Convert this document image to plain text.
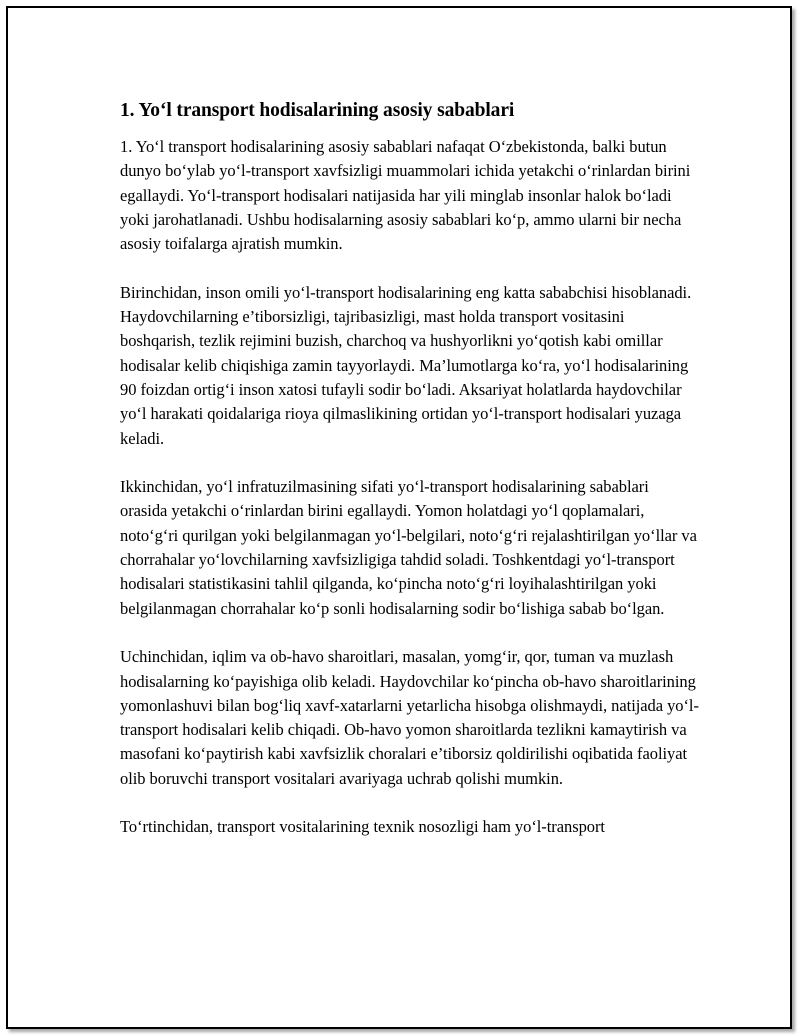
1. Yo‘l transport hodisalarining asosiy sabablari

1. Yo‘l transport hodisalarining asosiy sabablari nafaqat O‘zbekistonda, balki butun dunyo bo‘ylab yo‘l-transport xavfsizligi muammolari ichida yetakchi o‘rinlardan birini egallaydi. Yo‘l-transport hodisalari natijasida har yili minglab insonlar halok bo‘ladi yoki jarohatlanadi. Ushbu hodisalarning asosiy sabablari ko‘p, ammo ularni bir necha asosiy toifalarga ajratish mumkin.

Birinchidan, inson omili yo‘l-transport hodisalarining eng katta sababchisi hisoblanadi. Haydovchilarning e’tiborsizligi, tajribasizligi, mast holda transport vositasini boshqarish, tezlik rejimini buzish, charchoq va hushyorlikni yo‘qotish kabi omillar hodisalar kelib chiqishiga zamin tayyorlaydi. Ma’lumotlarga ko‘ra, yo‘l hodisalarining 90 foizdan ortig‘i inson xatosi tufayli sodir bo‘ladi. Aksariyat holatlarda haydovchilar yo‘l harakati qoidalariga rioya qilmaslikining ortidan yo‘l-transport hodisalari yuzaga keladi.

Ikkinchidan, yo‘l infratuzilmasining sifati yo‘l-transport hodisalarining sabablari orasida yetakchi o‘rinlardan birini egallaydi. Yomon holatdagi yo‘l qoplamalari, noto‘g‘ri qurilgan yoki belgilanmagan yo‘l-belgilari, noto‘g‘ri rejalashtirilgan yo‘llar va chorrahalar yo‘lovchilarning xavfsizligiga tahdid soladi. Toshkentdagi yo‘l-transport hodisalari statistikasini tahlil qilganda, ko‘pincha noto‘g‘ri loyihalashtirilgan yoki belgilanmagan chorrahalar ko‘p sonli hodisalarning sodir bo‘lishiga sabab bo‘lgan.

Uchinchidan, iqlim va ob-havo sharoitlari, masalan, yomg‘ir, qor, tuman va muzlash hodisalarning ko‘payishiga olib keladi. Haydovchilar ko‘pincha ob-havo sharoitlarining yomonlashuvi bilan bog‘liq xavf-xatarlarni yetarlicha hisobga olishmaydi, natijada yo‘l-transport hodisalari kelib chiqadi. Ob-havo yomon sharoitlarda tezlikni kamaytirish va masofani ko‘paytirish kabi xavfsizlik choralari e’tiborsiz qoldirilishi oqibatida faoliyat olib boruvchi transport vositalari avariyaga uchrab qolishi mumkin.

To‘rtinchidan, transport vositalarining texnik nosozligi ham yo‘l-transport
